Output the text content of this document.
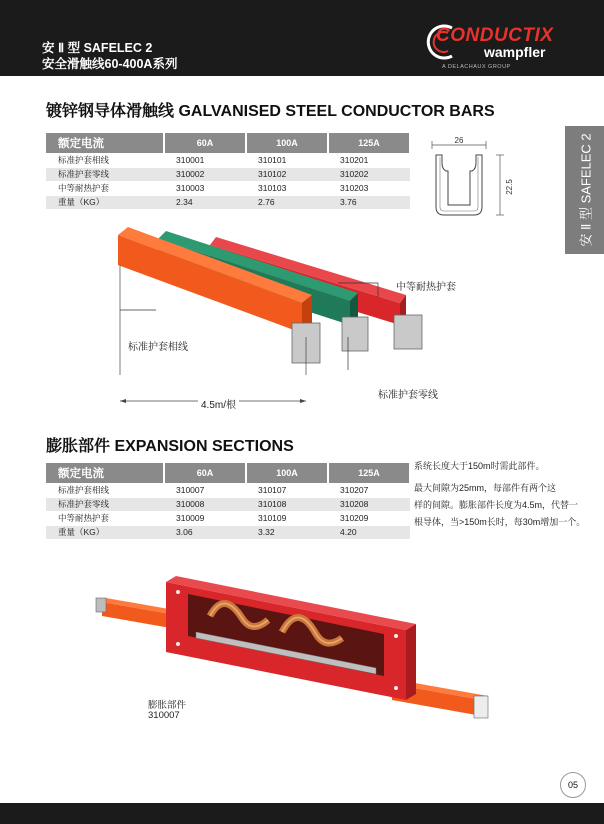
安 Ⅱ 型 SAFELEC 2
安全滑触线60-400A系列
CONDUCTIX
wampfler
A DELACHAUX GROUP
安 Ⅱ 型 SAFELEC 2
镀锌钢导体滑触线 GALVANISED STEEL CONDUCTOR BARS
额定电流	60A	100A	125A
标准护套相线	310001	310101	310201
标准护套零线	310002	310102	310202
中等耐热护套	310003	310103	310203
重量（KG）	2.34	2.76	3.76
26
22.5
中等耐热护套
标准护套相线
标准护套零线
4.5m/根
膨胀部件 EXPANSION SECTIONS
额定电流	60A	100A	125A
标准护套相线	310007	310107	310207
标准护套零线	310008	310108	310208
中等耐热护套	310009	310109	310209
重量（KG）	3.06	3.32	4.20
系统长度大于150m时需此部件。
最大间隙为25mm，每部件有两个这
样的间隙。膨胀部件长度为4.5m，代替一
根导体，当>150m长时，每30m增加一个。
膨胀部件
310007
05
